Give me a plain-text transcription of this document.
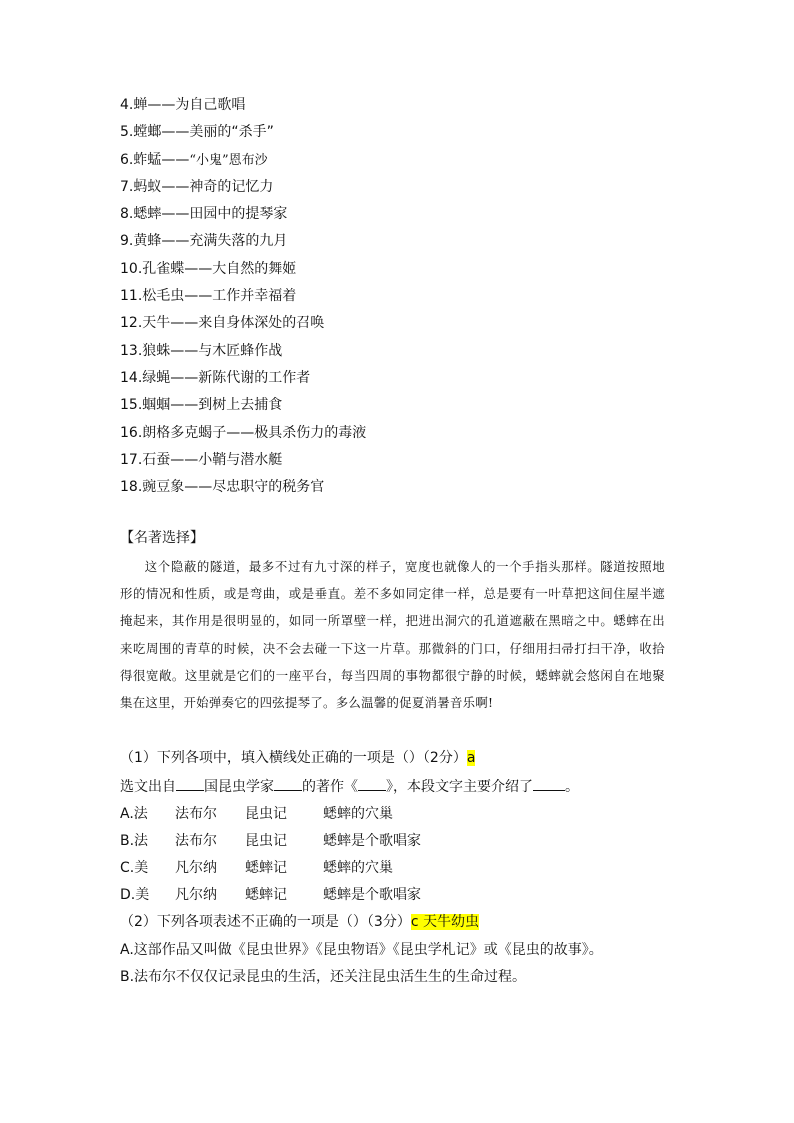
4.蝉——为自己歌唱
5.螳螂——美丽的“杀手”
6.蚱蜢——“小鬼”恩布沙
7.蚂蚁——神奇的记忆力
8.蟋蟀——田园中的提琴家
9.黄蜂——充满失落的九月
10.孔雀蝶——大自然的舞姬
11.松毛虫——工作并幸福着
12.天牛——来自身体深处的召唤
13.狼蛛——与木匠蜂作战
14.绿蝇——新陈代谢的工作者
15.蝈蝈——到树上去捕食
16.朗格多克蝎子——极具杀伤力的毒液
17.石蚕——小鞘与潜水艇
18.豌豆象——尽忠职守的税务官
【名著选择】
这个隐蔽的隧道，最多不过有九寸深的样子，宽度也就像人的一个手指头那样。隧道按照地形的情况和性质，或是弯曲，或是垂直。差不多如同定律一样，总是要有一叶草把这间住屋半遮掩起来，其作用是很明显的，如同一所罩壁一样，把进出洞穴的孔道遮蔽在黑暗之中。蟋蟀在出来吃周围的青草的时候，决不会去碰一下这一片草。那微斜的门口，仔细用扫帚打扫干净，收拾得很宽敞。这里就是它们的一座平台，每当四周的事物都很宁静的时候，蟋蟀就会悠闲自在地聚集在这里，开始弹奏它的四弦提琴了。多么温馨的促夏消暑音乐啊!
（1）下列各项中，填入横线处正确的一项是（）（2分）a
选文出自 国昆虫学家 的著作《 》，本段文字主要介绍了 。
A.法 法布尔 昆虫记	蟋蟀的穴巢
B.法 法布尔 昆虫记	蟋蟀是个歌唱家
C.美 凡尔纳 蟋蟀记	蟋蟀的穴巢
D.美 凡尔纳 蟋蟀记	蟋蟀是个歌唱家
（2）下列各项表述不正确的一项是（）（3分）c 天牛幼虫
A.这部作品又叫做《昆虫世界》《昆虫物语》《昆虫学札记》或《昆虫的故事》。
B.法布尔不仅仅记录昆虫的生活，还关注昆虫活生生的生命过程。
